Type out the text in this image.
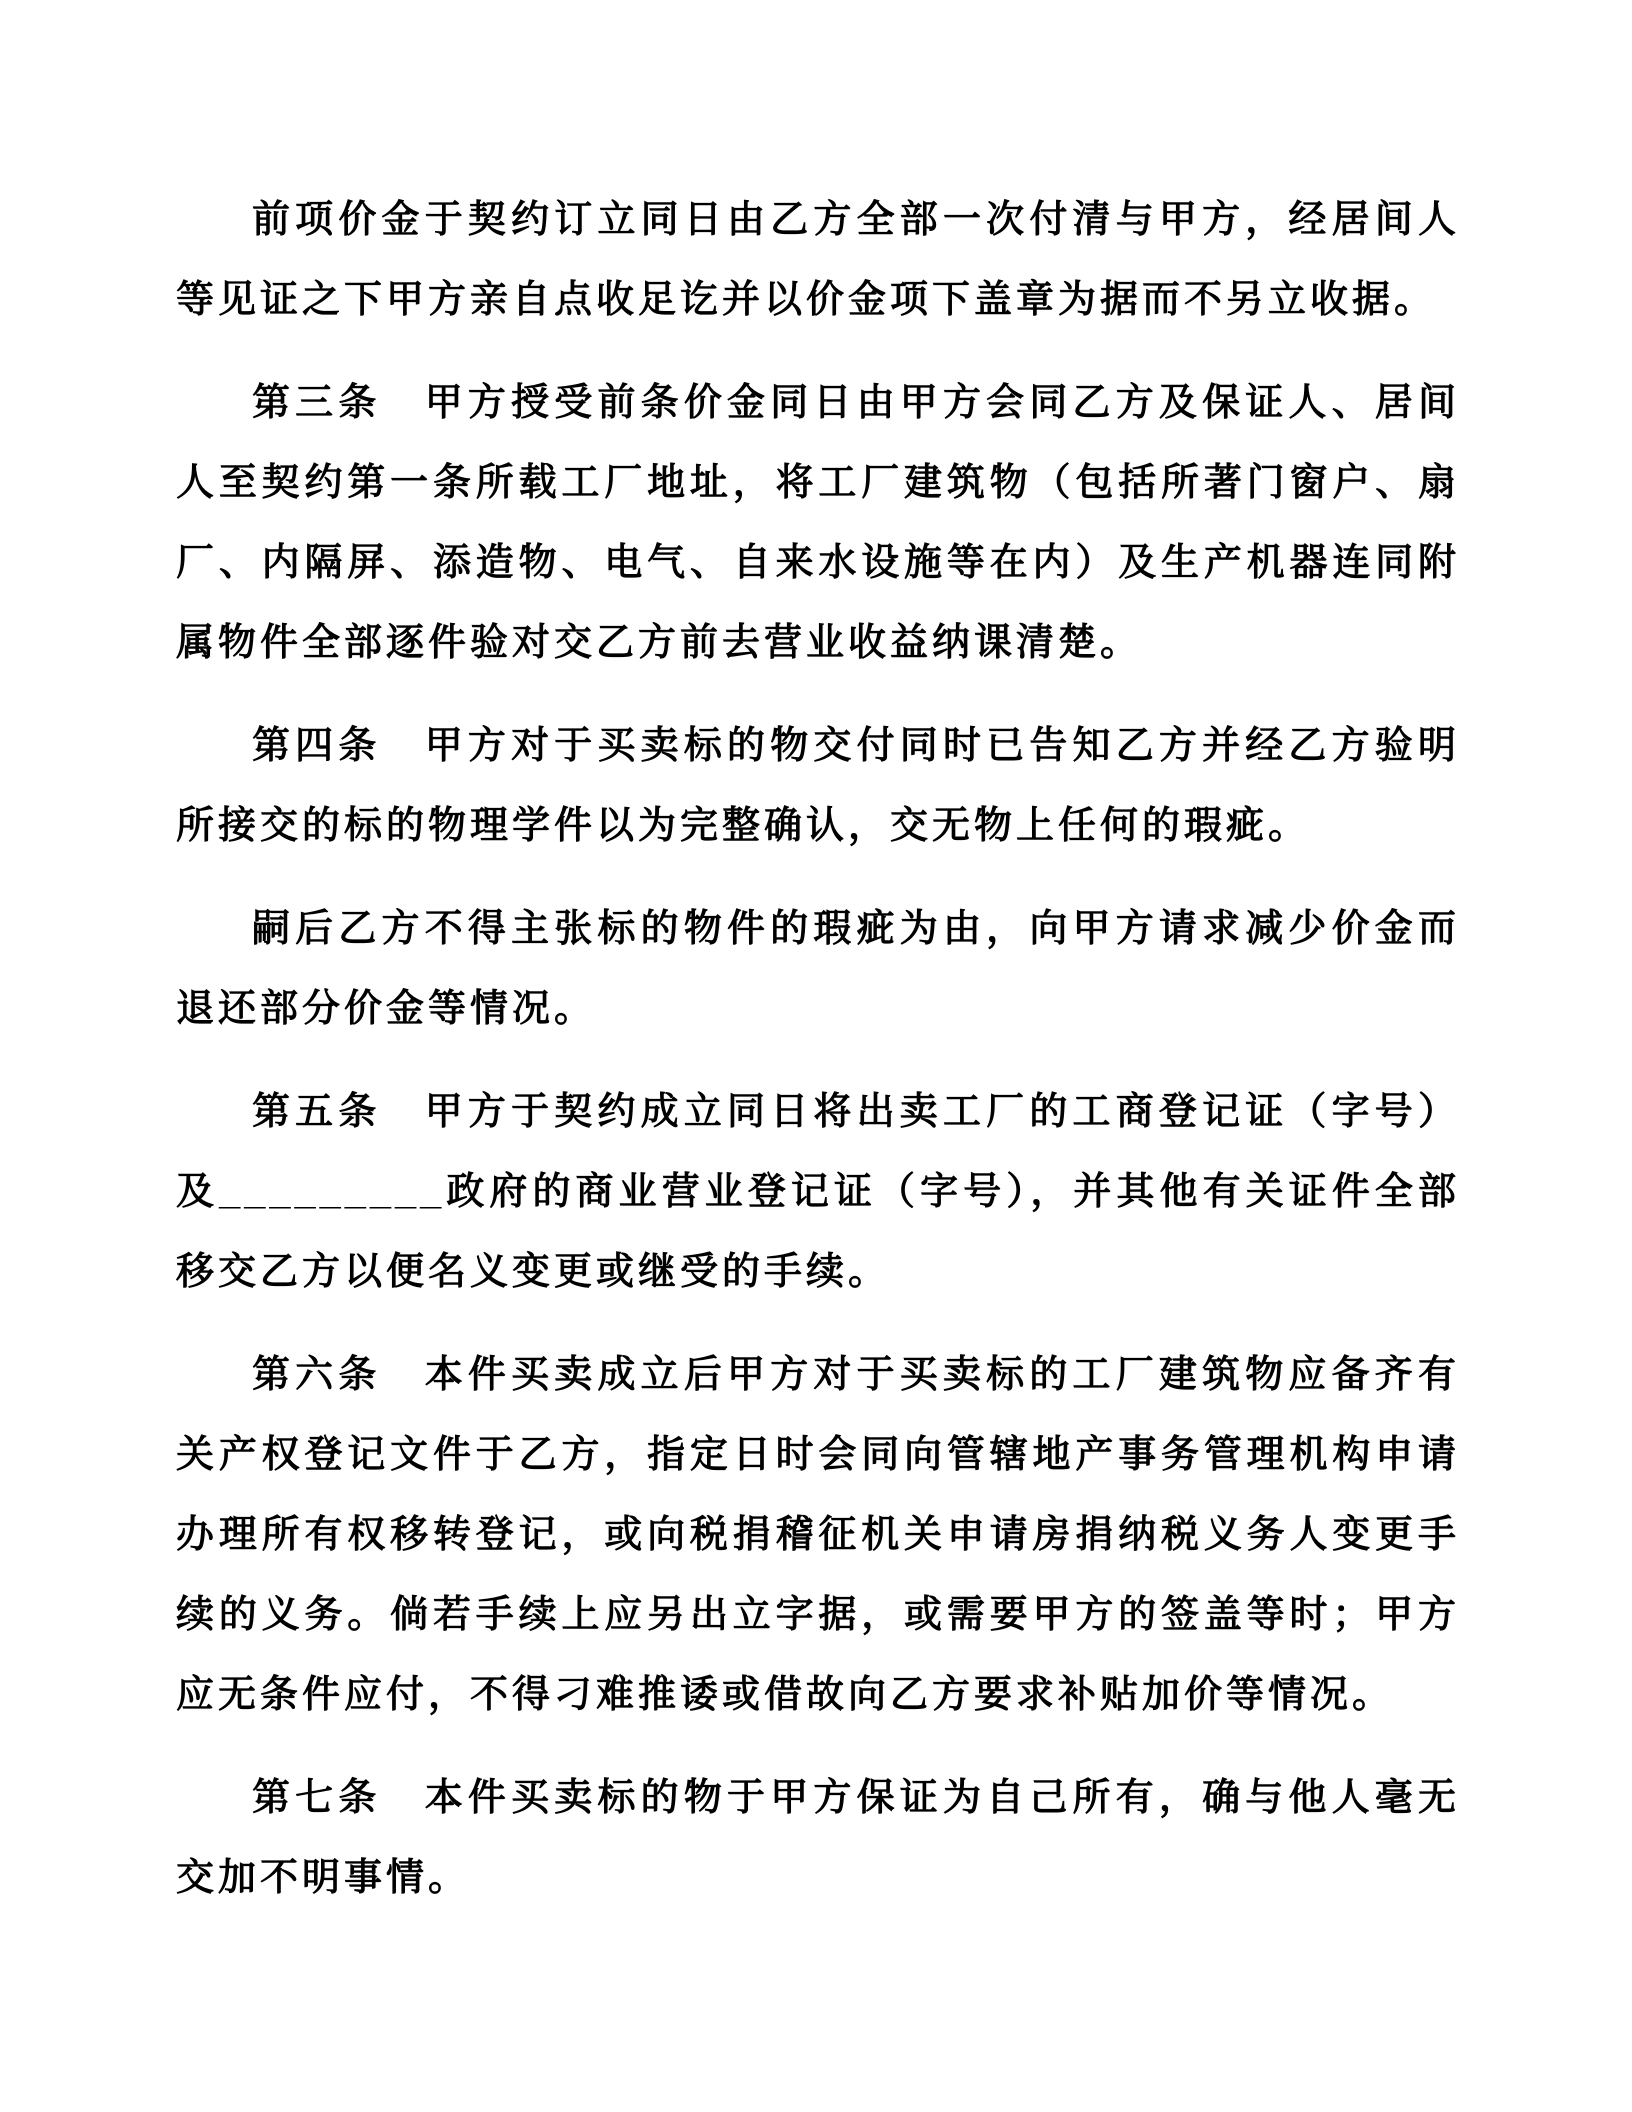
前项价金于契约订立同日由乙方全部一次付清与甲方，经居间人等见证之下甲方亲自点收足讫并以价金项下盖章为据而不另立收据。

第三条　甲方授受前条价金同日由甲方会同乙方及保证人、居间人至契约第一条所载工厂地址，将工厂建筑物（包括所著门窗户、扇厂、内隔屏、添造物、电气、自来水设施等在内）及生产机器连同附属物件全部逐件验对交乙方前去营业收益纳课清楚。

第四条　甲方对于买卖标的物交付同时已告知乙方并经乙方验明所接交的标的物理学件以为完整确认，交无物上任何的瑕疵。

嗣后乙方不得主张标的物件的瑕疵为由，向甲方请求减少价金而退还部分价金等情况。

第五条　甲方于契约成立同日将出卖工厂的工商登记证（字号）及_________政府的商业营业登记证（字号），并其他有关证件全部移交乙方以便名义变更或继受的手续。

第六条　本件买卖成立后甲方对于买卖标的工厂建筑物应备齐有关产权登记文件于乙方，指定日时会同向管辖地产事务管理机构申请办理所有权移转登记，或向税捐稽征机关申请房捐纳税义务人变更手续的义务。倘若手续上应另出立字据，或需要甲方的签盖等时；甲方应无条件应付，不得刁难推诿或借故向乙方要求补贴加价等情况。

第七条　本件买卖标的物于甲方保证为自己所有，确与他人毫无交加不明事情。
